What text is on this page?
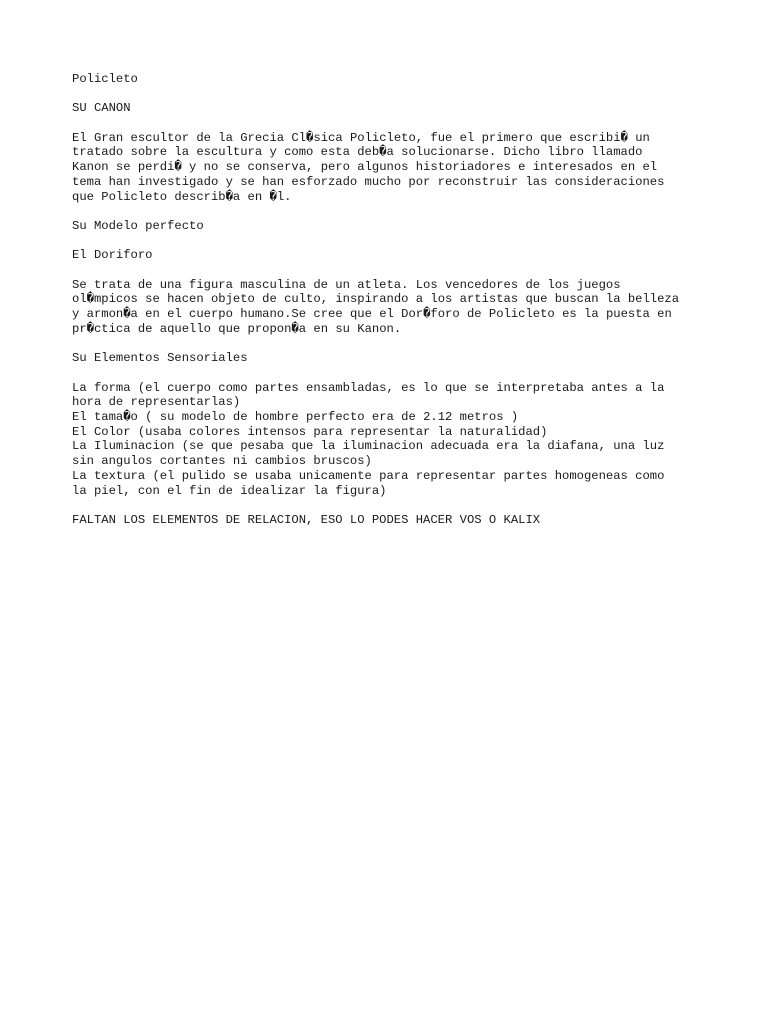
Policleto
SU CANON
El Gran escultor de la Grecia Cl�sica Policleto, fue el primero que escribi� un
tratado sobre la escultura y como esta deb�a solucionarse. Dicho libro llamado
Kanon se perdi� y no se conserva, pero algunos historiadores e interesados en el
tema han investigado y se han esforzado mucho por reconstruir las consideraciones
que Policleto describ�a en �l.
Su Modelo perfecto
El Doriforo
Se trata de una figura masculina de un atleta. Los vencedores de los juegos
ol�mpicos se hacen objeto de culto, inspirando a los artistas que buscan la belleza
y armon�a en el cuerpo humano.Se cree que el Dor�foro de Policleto es la puesta en
pr�ctica de aquello que propon�a en su Kanon.
Su Elementos Sensoriales
La forma (el cuerpo como partes ensambladas, es lo que se interpretaba antes a la
hora de representarlas)
El tama�o ( su modelo de hombre perfecto era de 2.12 metros )
El Color (usaba colores intensos para representar la naturalidad)
La Iluminacion (se que pesaba que la iluminacion adecuada era la diafana, una luz
sin angulos cortantes ni cambios bruscos)
La textura (el pulido se usaba unicamente para representar partes homogeneas como
la piel, con el fin de idealizar la figura)
FALTAN LOS ELEMENTOS DE RELACION, ESO LO PODES HACER VOS O KALIX
